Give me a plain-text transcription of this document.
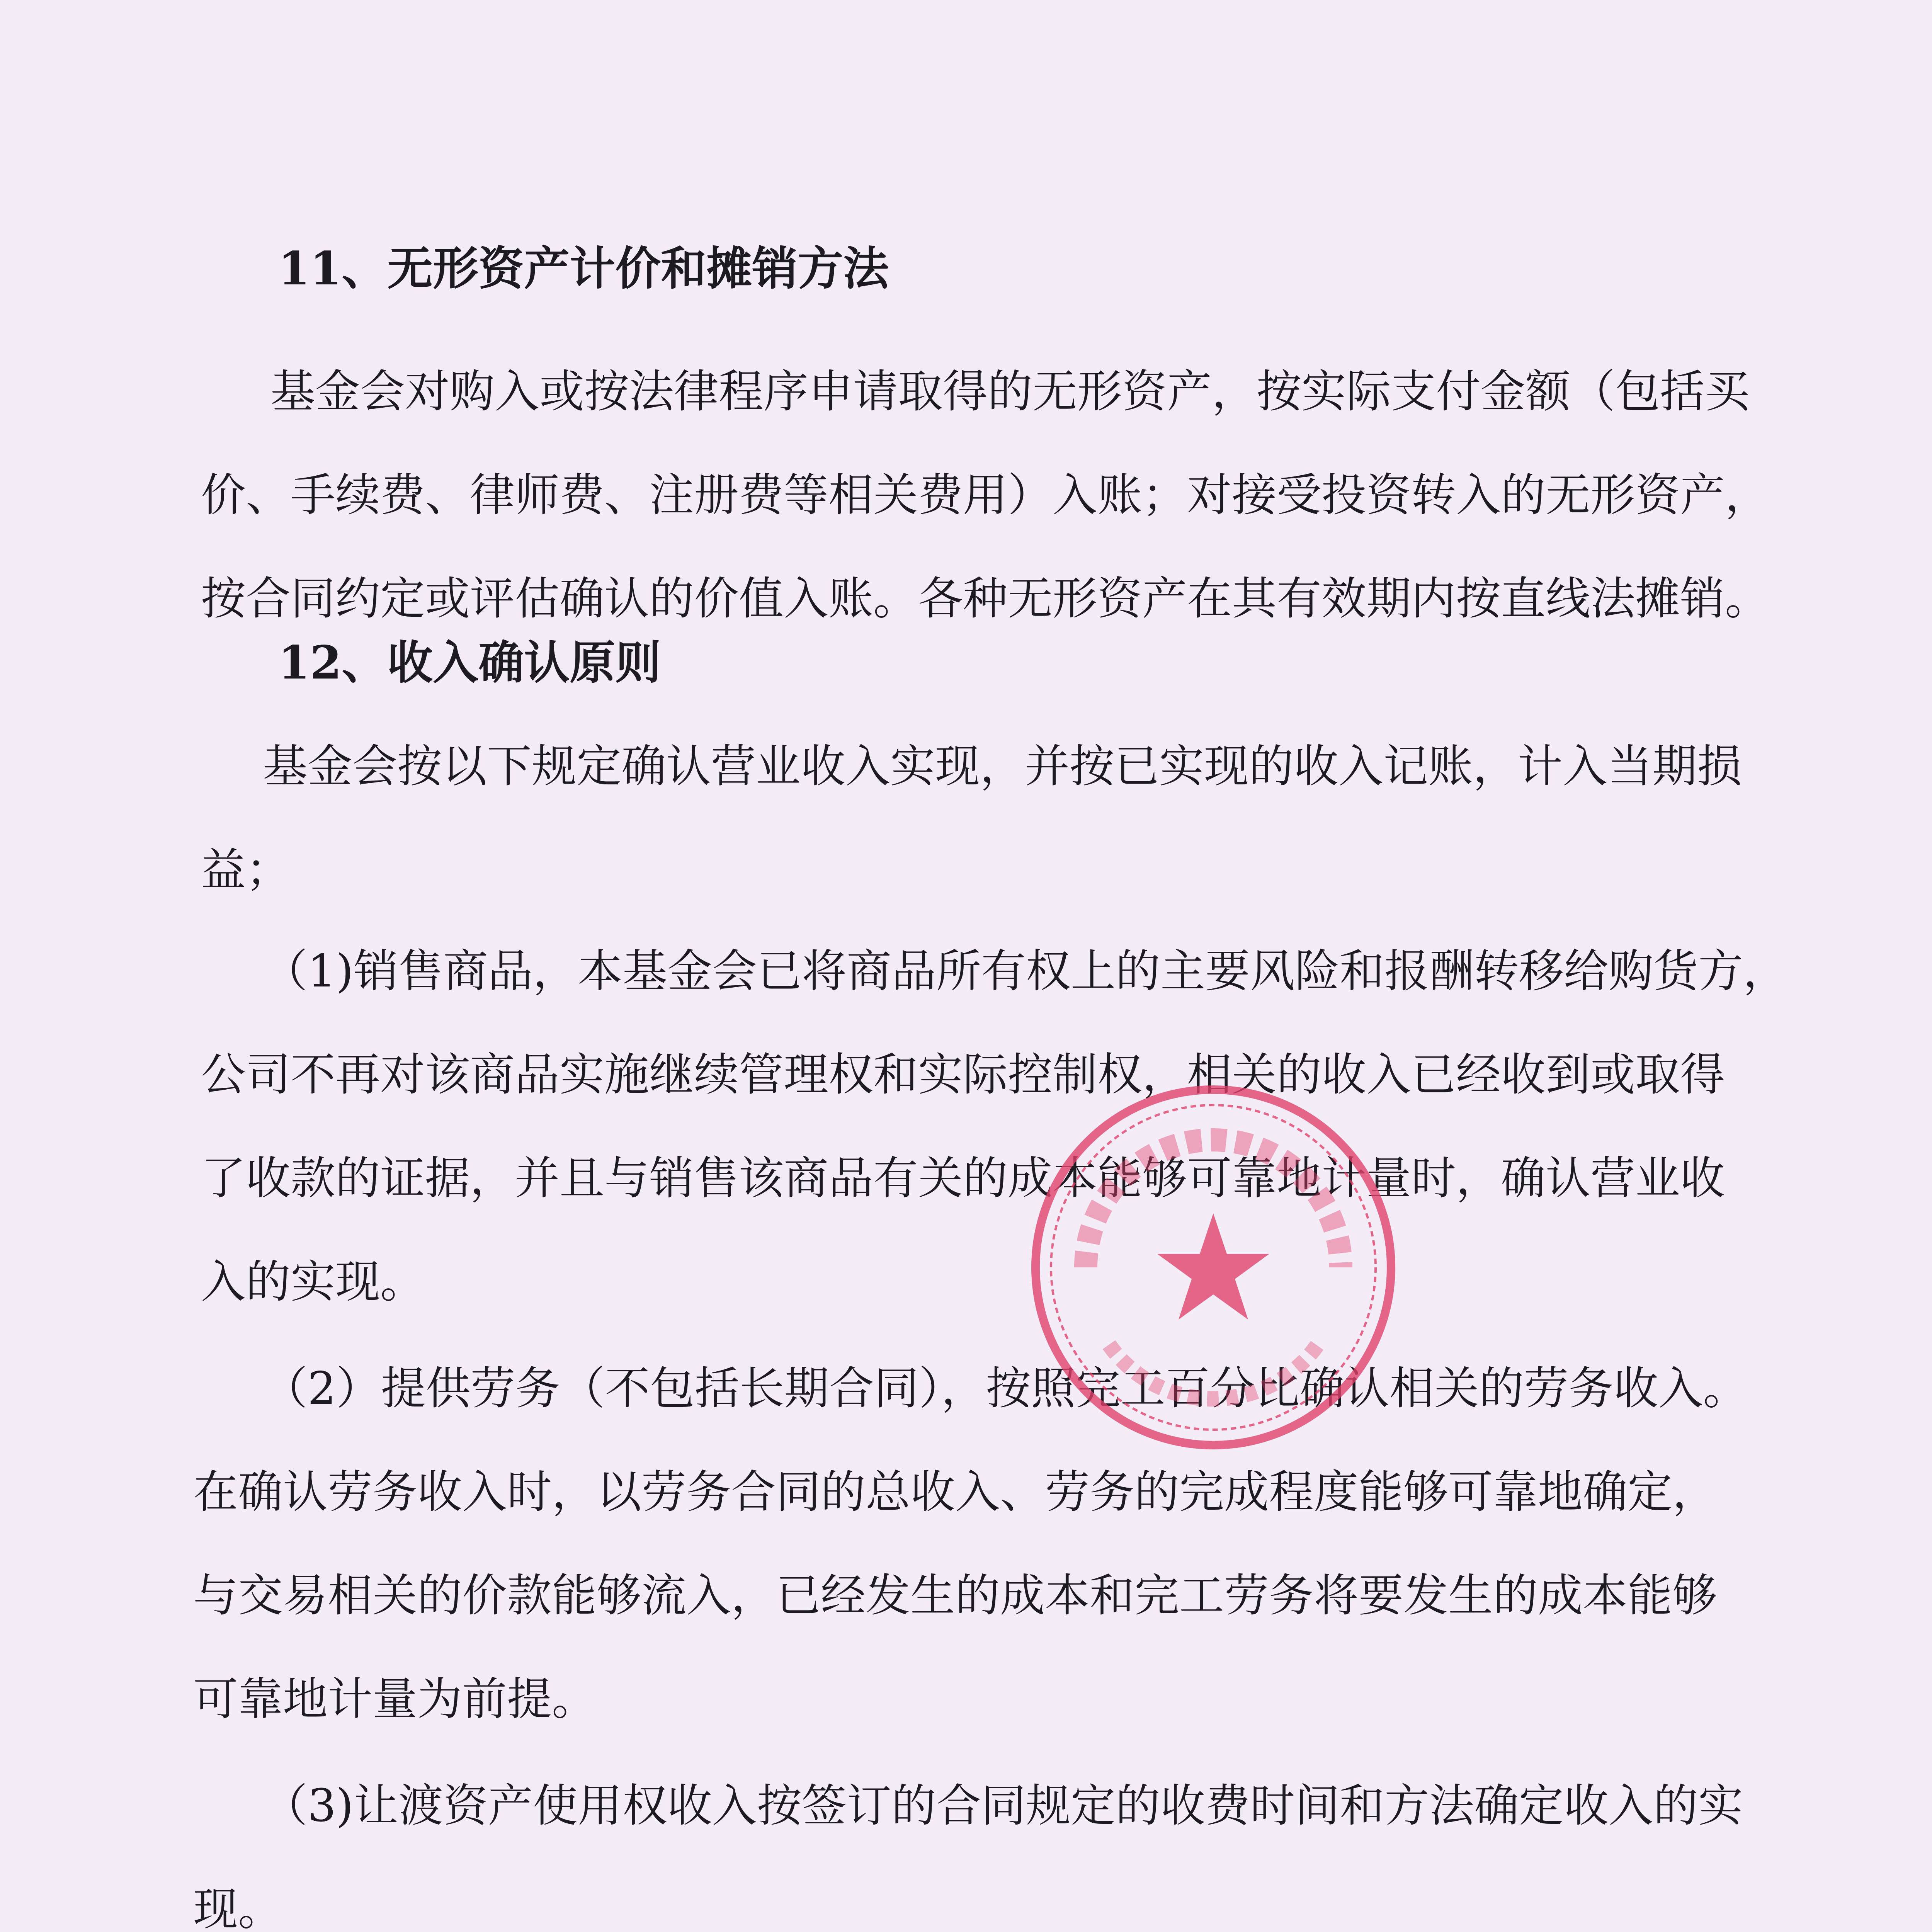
11、无形资产计价和摊销方法
基金会对购入或按法律程序申请取得的无形资产，按实际支付金额（包括买
价、手续费、律师费、注册费等相关费用）入账；对接受投资转入的无形资产，
按合同约定或评估确认的价值入账。各种无形资产在其有效期内按直线法摊销。
12、收入确认原则
基金会按以下规定确认营业收入实现，并按已实现的收入记账，计入当期损
益；
（1)销售商品，本基金会已将商品所有权上的主要风险和报酬转移给购货方，
公司不再对该商品实施继续管理权和实际控制权，相关的收入已经收到或取得
了收款的证据，并且与销售该商品有关的成本能够可靠地计量时，确认营业收
入的实现。
（2）提供劳务（不包括长期合同），按照完工百分比确认相关的劳务收入。
在确认劳务收入时，以劳务合同的总收入、劳务的完成程度能够可靠地确定，
与交易相关的价款能够流入，已经发生的成本和完工劳务将要发生的成本能够
可靠地计量为前提。
（3)让渡资产使用权收入按签订的合同规定的收费时间和方法确定收入的实
现。
